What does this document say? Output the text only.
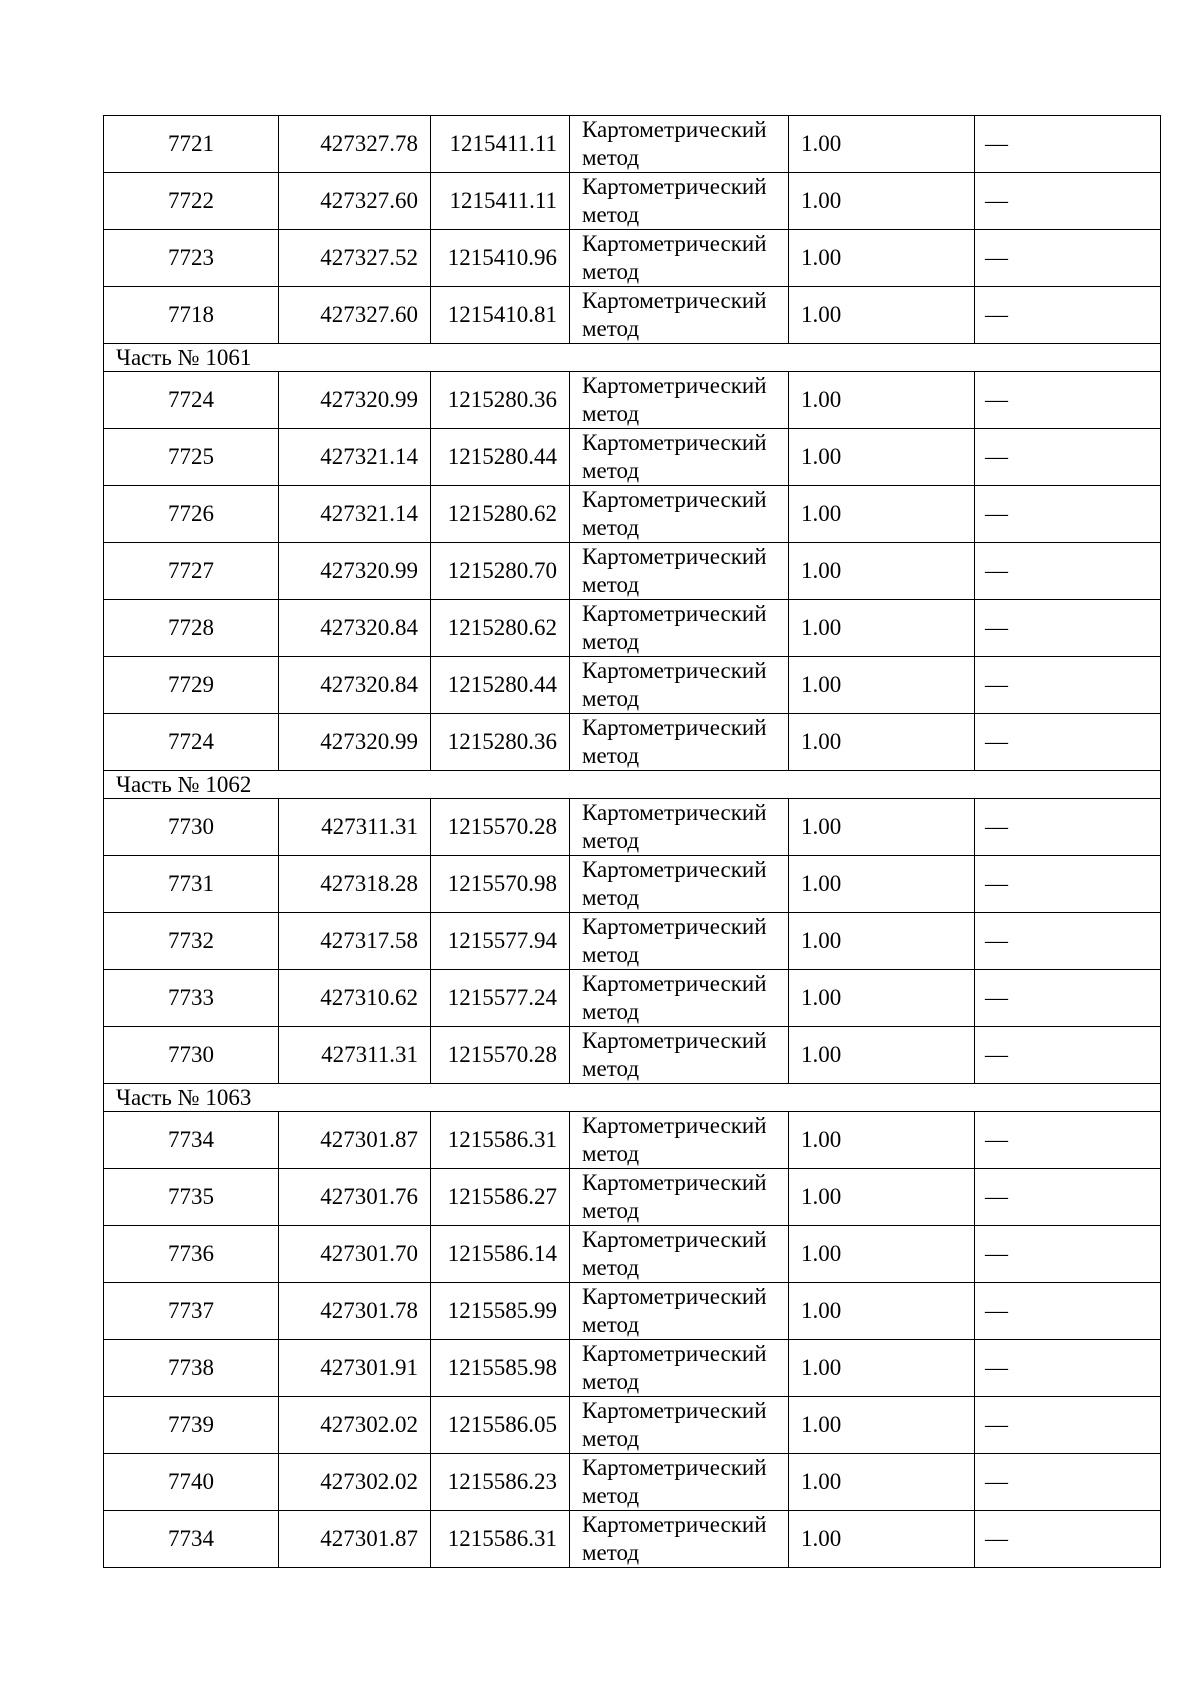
7721	427327.78	1215411.11	Картометрический
метод	1.00	—
7722	427327.60	1215411.11	Картометрический
метод	1.00	—
7723	427327.52	1215410.96	Картометрический
метод	1.00	—
7718	427327.60	1215410.81	Картометрический
метод	1.00	—
Часть № 1061					
7724	427320.99	1215280.36	Картометрический
метод	1.00	—
7725	427321.14	1215280.44	Картометрический
метод	1.00	—
7726	427321.14	1215280.62	Картометрический
метод	1.00	—
7727	427320.99	1215280.70	Картометрический
метод	1.00	—
7728	427320.84	1215280.62	Картометрический
метод	1.00	—
7729	427320.84	1215280.44	Картометрический
метод	1.00	—
7724	427320.99	1215280.36	Картометрический
метод	1.00	—
Часть № 1062					
7730	427311.31	1215570.28	Картометрический
метод	1.00	—
7731	427318.28	1215570.98	Картометрический
метод	1.00	—
7732	427317.58	1215577.94	Картометрический
метод	1.00	—
7733	427310.62	1215577.24	Картометрический
метод	1.00	—
7730	427311.31	1215570.28	Картометрический
метод	1.00	—
Часть № 1063					
7734	427301.87	1215586.31	Картометрический
метод	1.00	—
7735	427301.76	1215586.27	Картометрический
метод	1.00	—
7736	427301.70	1215586.14	Картометрический
метод	1.00	—
7737	427301.78	1215585.99	Картометрический
метод	1.00	—
7738	427301.91	1215585.98	Картометрический
метод	1.00	—
7739	427302.02	1215586.05	Картометрический
метод	1.00	—
7740	427302.02	1215586.23	Картометрический
метод	1.00	—
7734	427301.87	1215586.31	Картометрический
метод	1.00	—
